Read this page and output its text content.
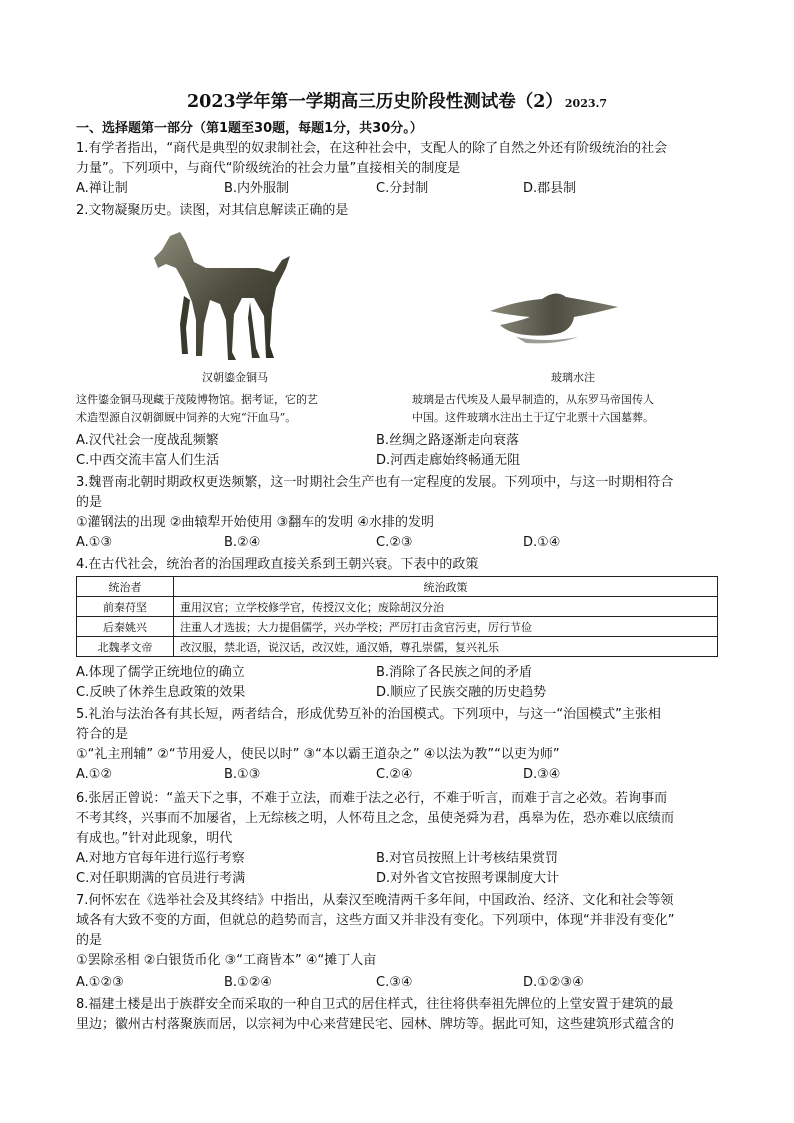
2023学年第一学期高三历史阶段性测试卷（2） 2023.7
一、选择题第一部分（第1题至30题，每题1分，共30分。）
1.有学者指出，“商代是典型的奴隶制社会，在这种社会中，支配人的除了自然之外还有阶级统治的社会
力量”。下列项中，与商代“阶级统治的社会力量”直接相关的制度是
A.禅让制	B.内外服制	C.分封制	D.郡县制
2.文物凝聚历史。读图，对其信息解读正确的是
汉朝鎏金铜马	玻璃水注
这件鎏金铜马现藏于茂陵博物馆。据考证，它的艺
术造型源自汉朝御厩中饲养的大宛“汗血马”。
玻璃是古代埃及人最早制造的，从东罗马帝国传人
中国。这件玻璃水注出土于辽宁北票十六国墓葬。
A.汉代社会一度战乱频繁	B.丝绸之路逐渐走向衰落
C.中西交流丰富人们生活	D.河西走廊始终畅通无阻
3.魏晋南北朝时期政权更迭频繁，这一时期社会生产也有一定程度的发展。下列项中，与这一时期相符合
的是
①灌钢法的出现 ②曲辕犁开始使用 ③翻车的发明 ④水排的发明
A.①③	B.②④	C.②③	D.①④
4.在古代社会，统治者的治国理政直接关系到王朝兴衰。下表中的政策
统治者	统治政策
前秦苻坚	重用汉官；立学校修学官，传授汉文化；废除胡汉分治
后秦姚兴	注重人才选拔；大力提倡儒学，兴办学校；严厉打击贪官污吏，厉行节俭
北魏孝文帝	改汉服，禁北语，说汉话，改汉姓，通汉婚，尊孔崇儒，复兴礼乐
A.体现了儒学正统地位的确立	B.消除了各民族之间的矛盾
C.反映了休养生息政策的效果	D.顺应了民族交融的历史趋势
5.礼治与法治各有其长短，两者结合，形成优势互补的治国模式。下列项中，与这一“治国模式”主张相
符合的是
①“礼主刑辅” ②“节用爱人，使民以时” ③“本以霸王道杂之” ④以法为教”“以吏为师”
A.①②	B.①③	C.②④	D.③④
6.张居正曾说：“盖天下之事，不难于立法，而难于法之必行，不难于听言，而难于言之必效。若询事而
不考其终，兴事而不加屡省，上无综核之明，人怀苟且之念，虽使尧舜为君，禹皋为佐，恐亦难以底绩而
有成也。”针对此现象，明代
A.对地方官每年进行巡行考察	B.对官员按照上计考核结果赏罚
C.对任职期满的官员进行考满	D.对外省文官按照考课制度大计
7.何怀宏在《选举社会及其终结》中指出，从秦汉至晚清两千多年间，中国政治、经济、文化和社会等领
域各有大致不变的方面，但就总的趋势而言，这些方面又并非没有变化。下列项中，体现“并非没有变化”
的是
①罢除丞相 ②白银货币化 ③“工商皆本” ④“摊丁人亩
A.①②③	B.①②④	C.③④	D.①②③④
8.福建土楼是出于族群安全而采取的一种自卫式的居住样式，往往将供奉祖先牌位的上堂安置于建筑的最
里边；徽州古村落聚族而居，以宗祠为中心来营建民宅、园林、牌坊等。据此可知，这些建筑形式蕴含的
